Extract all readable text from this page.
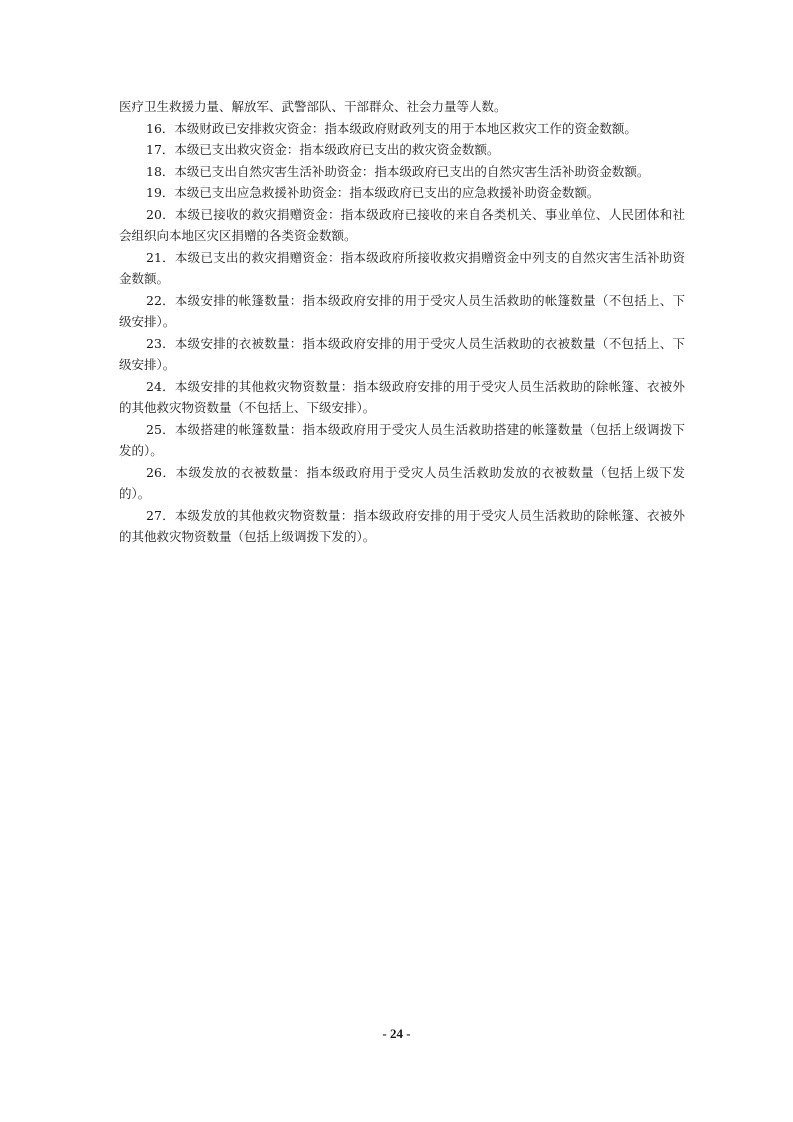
医疗卫生救援力量、解放军、武警部队、干部群众、社会力量等人数。

16．本级财政已安排救灾资金：指本级政府财政列支的用于本地区救灾工作的资金数额。

17．本级已支出救灾资金：指本级政府已支出的救灾资金数额。

18．本级已支出自然灾害生活补助资金：指本级政府已支出的自然灾害生活补助资金数额。

19．本级已支出应急救援补助资金：指本级政府已支出的应急救援补助资金数额。

20．本级已接收的救灾捐赠资金：指本级政府已接收的来自各类机关、事业单位、人民团体和社会组织向本地区灾区捐赠的各类资金数额。

21．本级已支出的救灾捐赠资金：指本级政府所接收救灾捐赠资金中列支的自然灾害生活补助资金数额。

22．本级安排的帐篷数量：指本级政府安排的用于受灾人员生活救助的帐篷数量（不包括上、下级安排）。

23．本级安排的衣被数量：指本级政府安排的用于受灾人员生活救助的衣被数量（不包括上、下级安排）。

24．本级安排的其他救灾物资数量：指本级政府安排的用于受灾人员生活救助的除帐篷、衣被外的其他救灾物资数量（不包括上、下级安排）。

25．本级搭建的帐篷数量：指本级政府用于受灾人员生活救助搭建的帐篷数量（包括上级调拨下发的）。

26．本级发放的衣被数量：指本级政府用于受灾人员生活救助发放的衣被数量（包括上级下发的）。

27．本级发放的其他救灾物资数量：指本级政府安排的用于受灾人员生活救助的除帐篷、衣被外的其他救灾物资数量（包括上级调拨下发的）。

- 24 -
